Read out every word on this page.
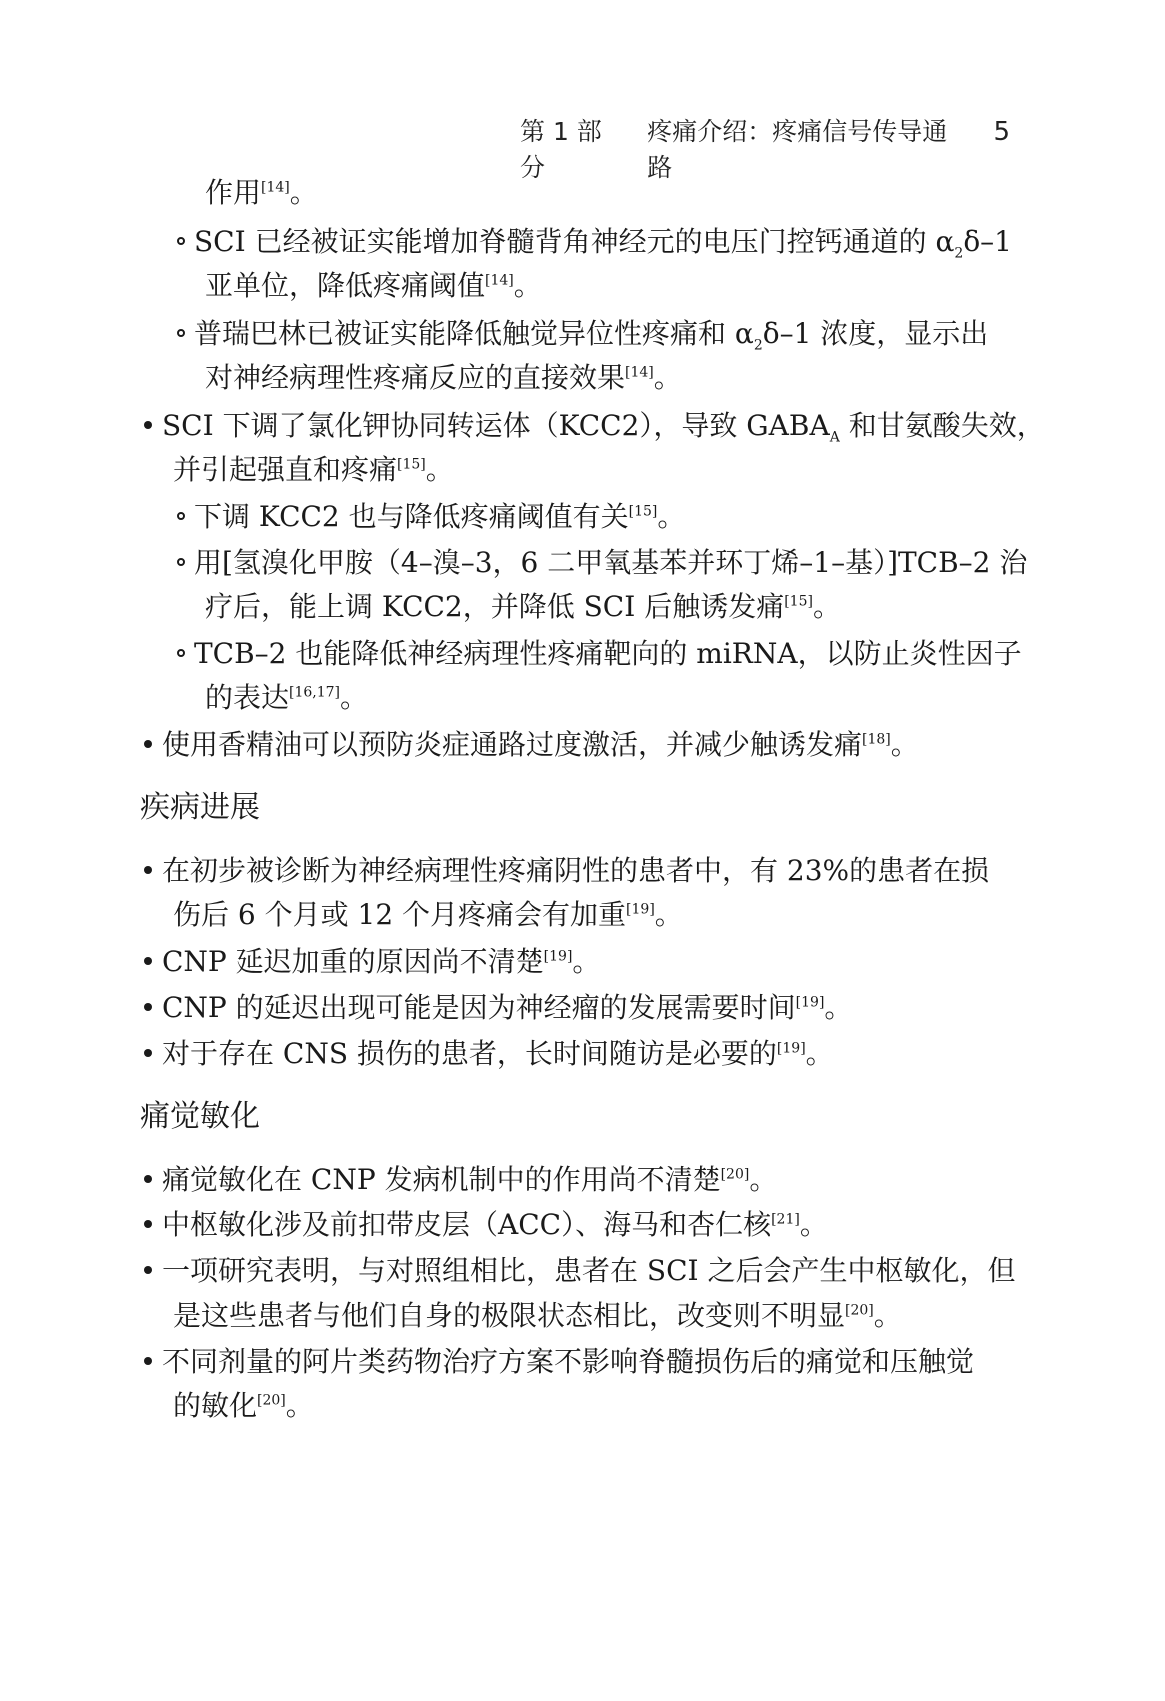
第 1 部分
疼痛介绍：疼痛信号传导通路
5
作用[14]。
SCI 已经被证实能增加脊髓背角神经元的电压门控钙通道的 $\alpha_2\delta-1$
亚单位，降低疼痛阈值[14]。
普瑞巴林已被证实能降低触觉异位性疼痛和 $\alpha_2\delta-1$ 浓度，显示出
对神经病理性疼痛反应的直接效果[14]。
SCI 下调了氯化钾协同转运体（KCC2），导致 $GABA_A$ 和甘氨酸失效，
并引起强直和疼痛[15]。
下调 KCC2 也与降低疼痛阈值有关[15]。
用[氢溴化甲胺（4–溴–3，6 二甲氧基苯并环丁烯–1–基）]TCB–2 治
疗后，能上调 KCC2，并降低 SCI 后触诱发痛[15]。
TCB–2 也能降低神经病理性疼痛靶向的 miRNA，以防止炎性因子
的表达[16,17]。
使用香精油可以预防炎症通路过度激活，并减少触诱发痛[18]。
疾病进展
在初步被诊断为神经病理性疼痛阴性的患者中，有 23%的患者在损
伤后 6 个月或 12 个月疼痛会有加重[19]。
CNP 延迟加重的原因尚不清楚[19]。
CNP 的延迟出现可能是因为神经瘤的发展需要时间[19]。
对于存在 CNS 损伤的患者，长时间随访是必要的[19]。
痛觉敏化
痛觉敏化在 CNP 发病机制中的作用尚不清楚[20]。
中枢敏化涉及前扣带皮层（ACC）、海马和杏仁核[21]。
一项研究表明，与对照组相比，患者在 SCI 之后会产生中枢敏化，但
是这些患者与他们自身的极限状态相比，改变则不明显[20]。
不同剂量的阿片类药物治疗方案不影响脊髓损伤后的痛觉和压触觉
的敏化[20]。
